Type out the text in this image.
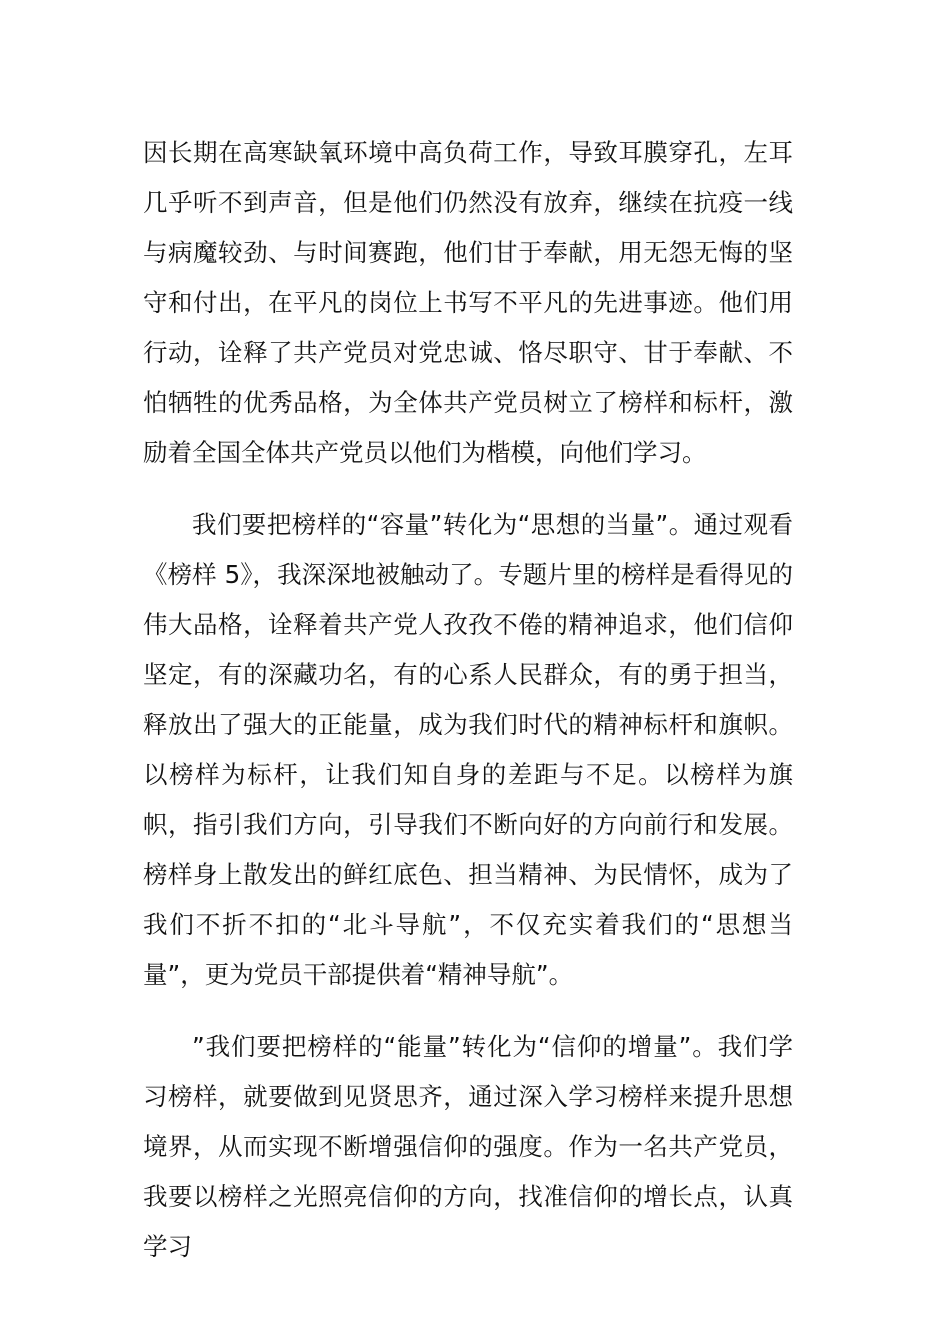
因长期在高寒缺氧环境中高负荷工作，导致耳膜穿孔，左耳几乎听不到声音，但是他们仍然没有放弃，继续在抗疫一线与病魔较劲、与时间赛跑，他们甘于奉献，用无怨无悔的坚守和付出，在平凡的岗位上书写不平凡的先进事迹。他们用行动，诠释了共产党员对党忠诚、恪尽职守、甘于奉献、不怕牺牲的优秀品格，为全体共产党员树立了榜样和标杆，激励着全国全体共产党员以他们为楷模，向他们学习。

我们要把榜样的“容量”转化为“思想的当量”。通过观看《榜样 5》，我深深地被触动了。专题片里的榜样是看得见的伟大品格，诠释着共产党人孜孜不倦的精神追求，他们信仰坚定，有的深藏功名，有的心系人民群众，有的勇于担当，释放出了强大的正能量，成为我们时代的精神标杆和旗帜。以榜样为标杆，让我们知自身的差距与不足。以榜样为旗帜，指引我们方向，引导我们不断向好的方向前行和发展。榜样身上散发出的鲜红底色、担当精神、为民情怀，成为了我们不折不扣的“北斗导航”，不仅充实着我们的“思想当量”，更为党员干部提供着“精神导航”。

”我们要把榜样的“能量”转化为“信仰的增量”。我们学习榜样，就要做到见贤思齐，通过深入学习榜样来提升思想境界，从而实现不断增强信仰的强度。作为一名共产党员，我要以榜样之光照亮信仰的方向，找准信仰的增长点，认真学习
